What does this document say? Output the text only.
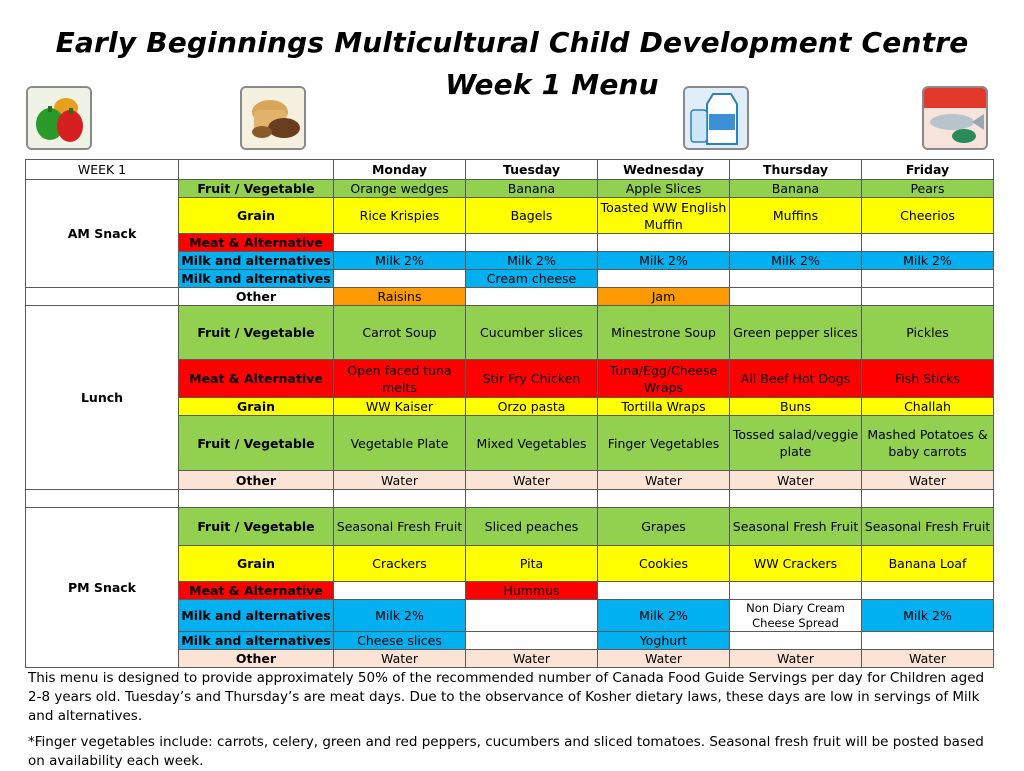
Early Beginnings Multicultural Child Development Centre
Week 1 Menu
WEEK 1		Monday	Tuesday	Wednesday	Thursday	Friday
AM Snack	Fruit / Vegetable	Orange wedges	Banana	Apple Slices	Banana	Pears
	Grain	Rice Krispies	Bagels	Toasted WW English Muffin	Muffins	Cheerios
	Meat & Alternative					
	Milk and alternatives	Milk 2%	Milk 2%	Milk 2%	Milk 2%	Milk 2%
	Milk and alternatives		Cream cheese			
	Other	Raisins		Jam		
Lunch	Fruit / Vegetable	Carrot Soup	Cucumber slices	Minestrone Soup	Green pepper slices	Pickles
	Meat & Alternative	Open faced tuna melts	Stir Fry Chicken	Tuna/Egg/Cheese Wraps	All Beef Hot Dogs	Fish Sticks
	Grain	WW Kaiser	Orzo pasta	Tortilla Wraps	Buns	Challah
	Fruit / Vegetable	Vegetable Plate	Mixed Vegetables	Finger Vegetables	Tossed salad/veggie plate	Mashed Potatoes & baby carrots
	Other	Water	Water	Water	Water	Water

PM Snack	Fruit / Vegetable	Seasonal Fresh Fruit	Sliced peaches	Grapes	Seasonal Fresh Fruit	Seasonal Fresh Fruit
	Grain	Crackers	Pita	Cookies	WW Crackers	Banana Loaf
	Meat & Alternative		Hummus			
	Milk and alternatives	Milk 2%		Milk 2%	Non Diary Cream Cheese Spread	Milk 2%
	Milk and alternatives	Cheese slices		Yoghurt		
	Other	Water	Water	Water	Water	Water

This menu is designed to provide approximately 50% of the recommended number of Canada Food Guide Servings per day for Children aged 2-8 years old. Tuesday’s and Thursday’s are meat days. Due to the observance of Kosher dietary laws, these days are low in servings of Milk and alternatives.

*Finger vegetables include: carrots, celery, green and red peppers, cucumbers and sliced tomatoes. Seasonal fresh fruit will be posted based on availability each week.
